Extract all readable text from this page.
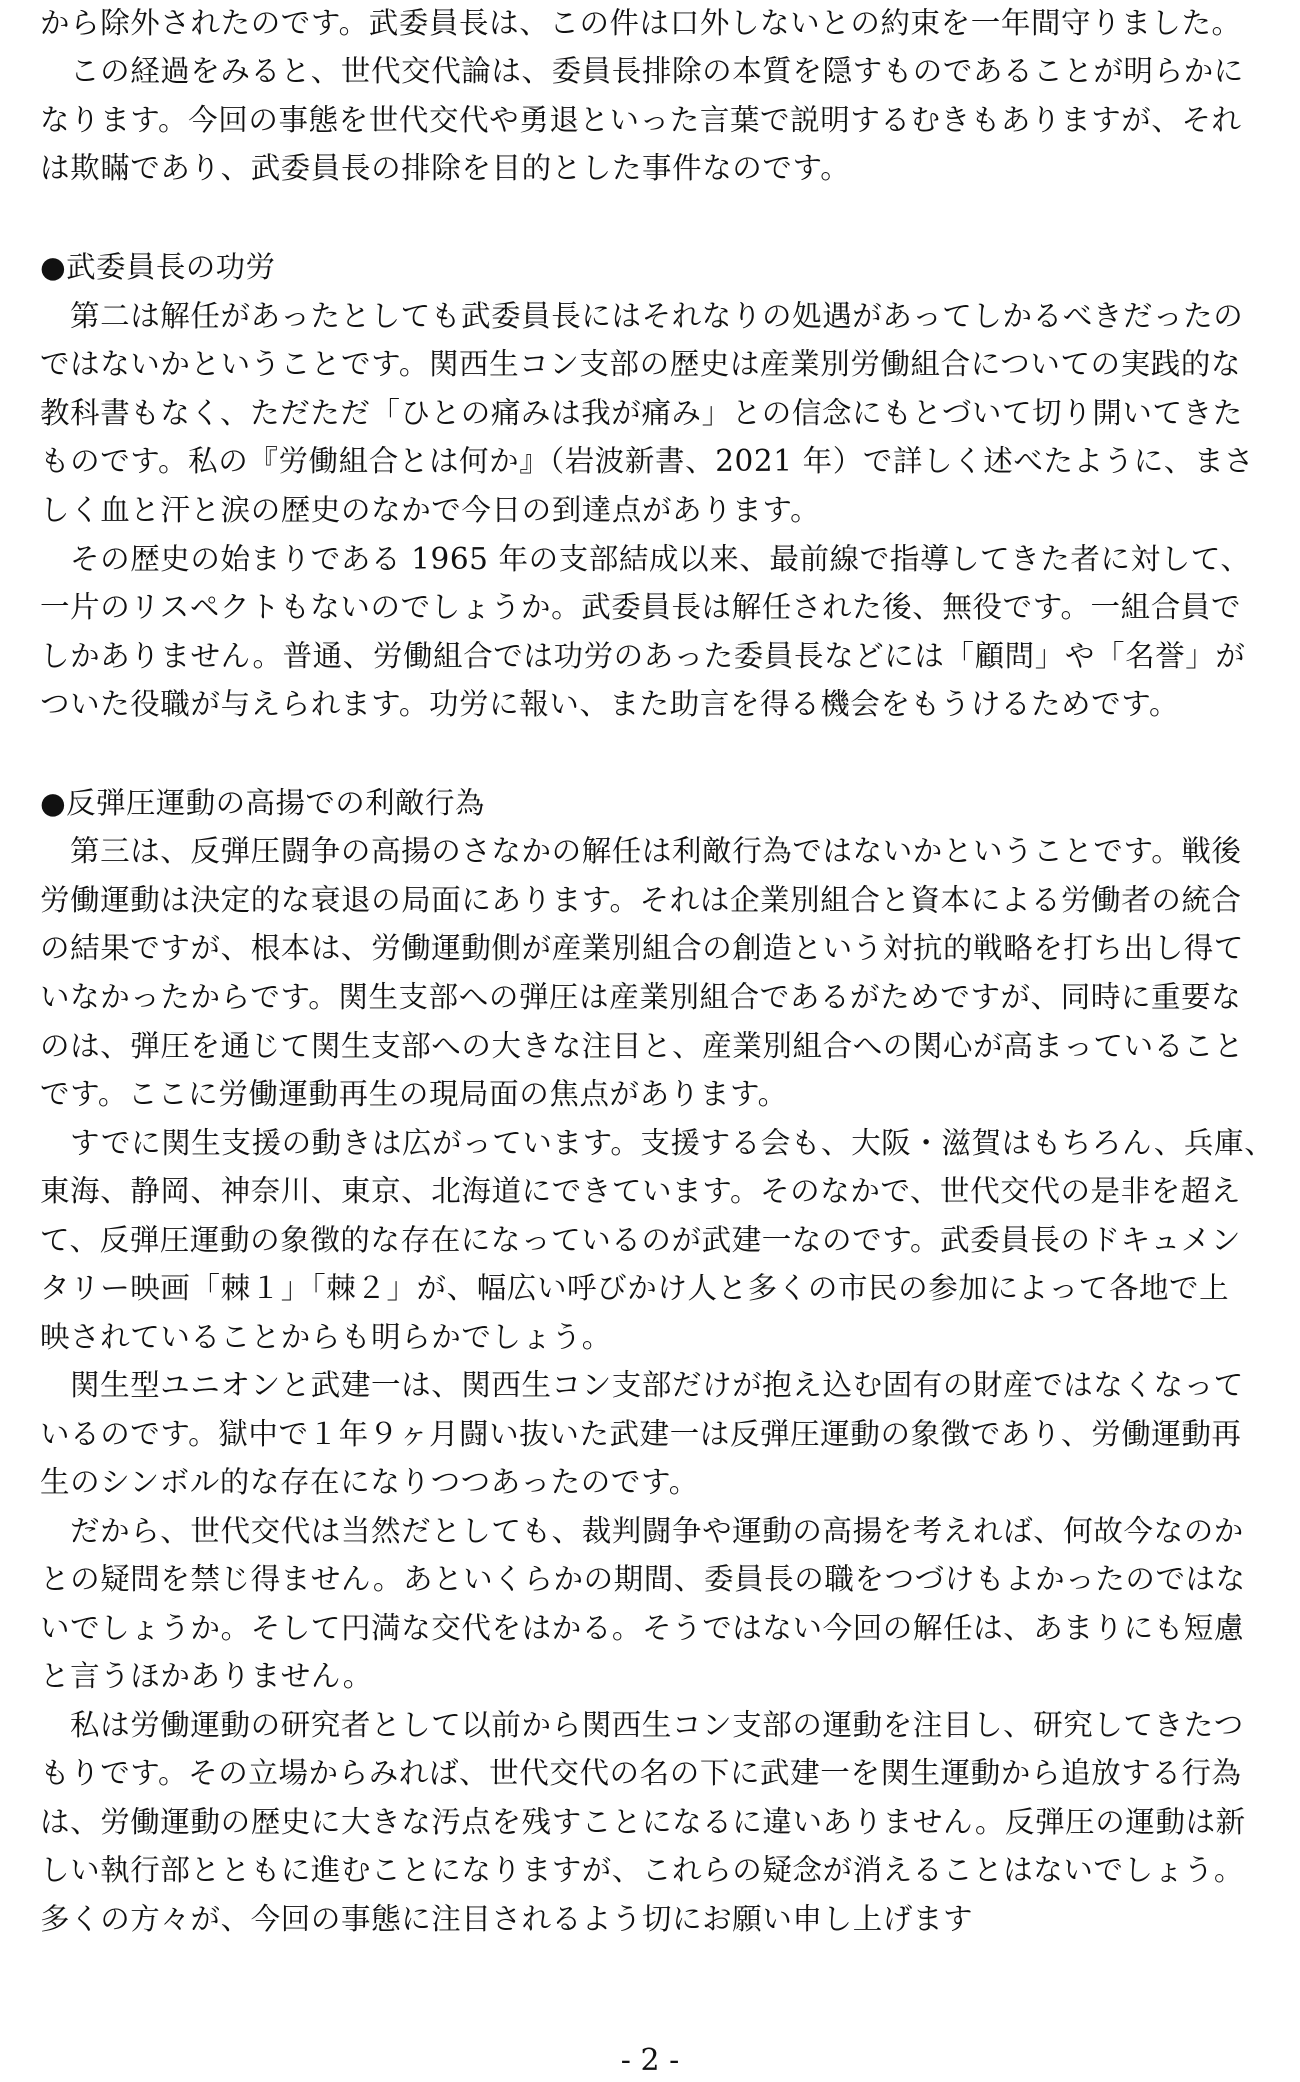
から除外されたのです。武委員長は、この件は口外しないとの約束を一年間守りました。
この経過をみると、世代交代論は、委員長排除の本質を隠すものであることが明らかに
なります。今回の事態を世代交代や勇退といった言葉で説明するむきもありますが、それ
は欺瞞であり、武委員長の排除を目的とした事件なのです。
●武委員長の功労
第二は解任があったとしても武委員長にはそれなりの処遇があってしかるべきだったの
ではないかということです。関西生コン支部の歴史は産業別労働組合についての実践的な
教科書もなく、ただただ「ひとの痛みは我が痛み」との信念にもとづいて切り開いてきた
ものです。私の『労働組合とは何か』（岩波新書、2021 年）で詳しく述べたように、まさ
しく血と汗と涙の歴史のなかで今日の到達点があります。
その歴史の始まりである 1965 年の支部結成以来、最前線で指導してきた者に対して、
一片のリスペクトもないのでしょうか。武委員長は解任された後、無役です。一組合員で
しかありません。普通、労働組合では功労のあった委員長などには「顧問」や「名誉」が
ついた役職が与えられます。功労に報い、また助言を得る機会をもうけるためです。
●反弾圧運動の高揚での利敵行為
第三は、反弾圧闘争の高揚のさなかの解任は利敵行為ではないかということです。戦後
労働運動は決定的な衰退の局面にあります。それは企業別組合と資本による労働者の統合
の結果ですが、根本は、労働運動側が産業別組合の創造という対抗的戦略を打ち出し得て
いなかったからです。関生支部への弾圧は産業別組合であるがためですが、同時に重要な
のは、弾圧を通じて関生支部への大きな注目と、産業別組合への関心が高まっていること
です。ここに労働運動再生の現局面の焦点があります。
すでに関生支援の動きは広がっています。支援する会も、大阪・滋賀はもちろん、兵庫、
東海、静岡、神奈川、東京、北海道にできています。そのなかで、世代交代の是非を超え
て、反弾圧運動の象徴的な存在になっているのが武建一なのです。武委員長のドキュメン
タリー映画「棘１」「棘２」が、幅広い呼びかけ人と多くの市民の参加によって各地で上
映されていることからも明らかでしょう。
関生型ユニオンと武建一は、関西生コン支部だけが抱え込む固有の財産ではなくなって
いるのです。獄中で１年９ヶ月闘い抜いた武建一は反弾圧運動の象徴であり、労働運動再
生のシンボル的な存在になりつつあったのです。
だから、世代交代は当然だとしても、裁判闘争や運動の高揚を考えれば、何故今なのか
との疑問を禁じ得ません。あといくらかの期間、委員長の職をつづけもよかったのではな
いでしょうか。そして円満な交代をはかる。そうではない今回の解任は、あまりにも短慮
と言うほかありません。
私は労働運動の研究者として以前から関西生コン支部の運動を注目し、研究してきたつ
もりです。その立場からみれば、世代交代の名の下に武建一を関生運動から追放する行為
は、労働運動の歴史に大きな汚点を残すことになるに違いありません。反弾圧の運動は新
しい執行部とともに進むことになりますが、これらの疑念が消えることはないでしょう。
多くの方々が、今回の事態に注目されるよう切にお願い申し上げます
- 2 -
